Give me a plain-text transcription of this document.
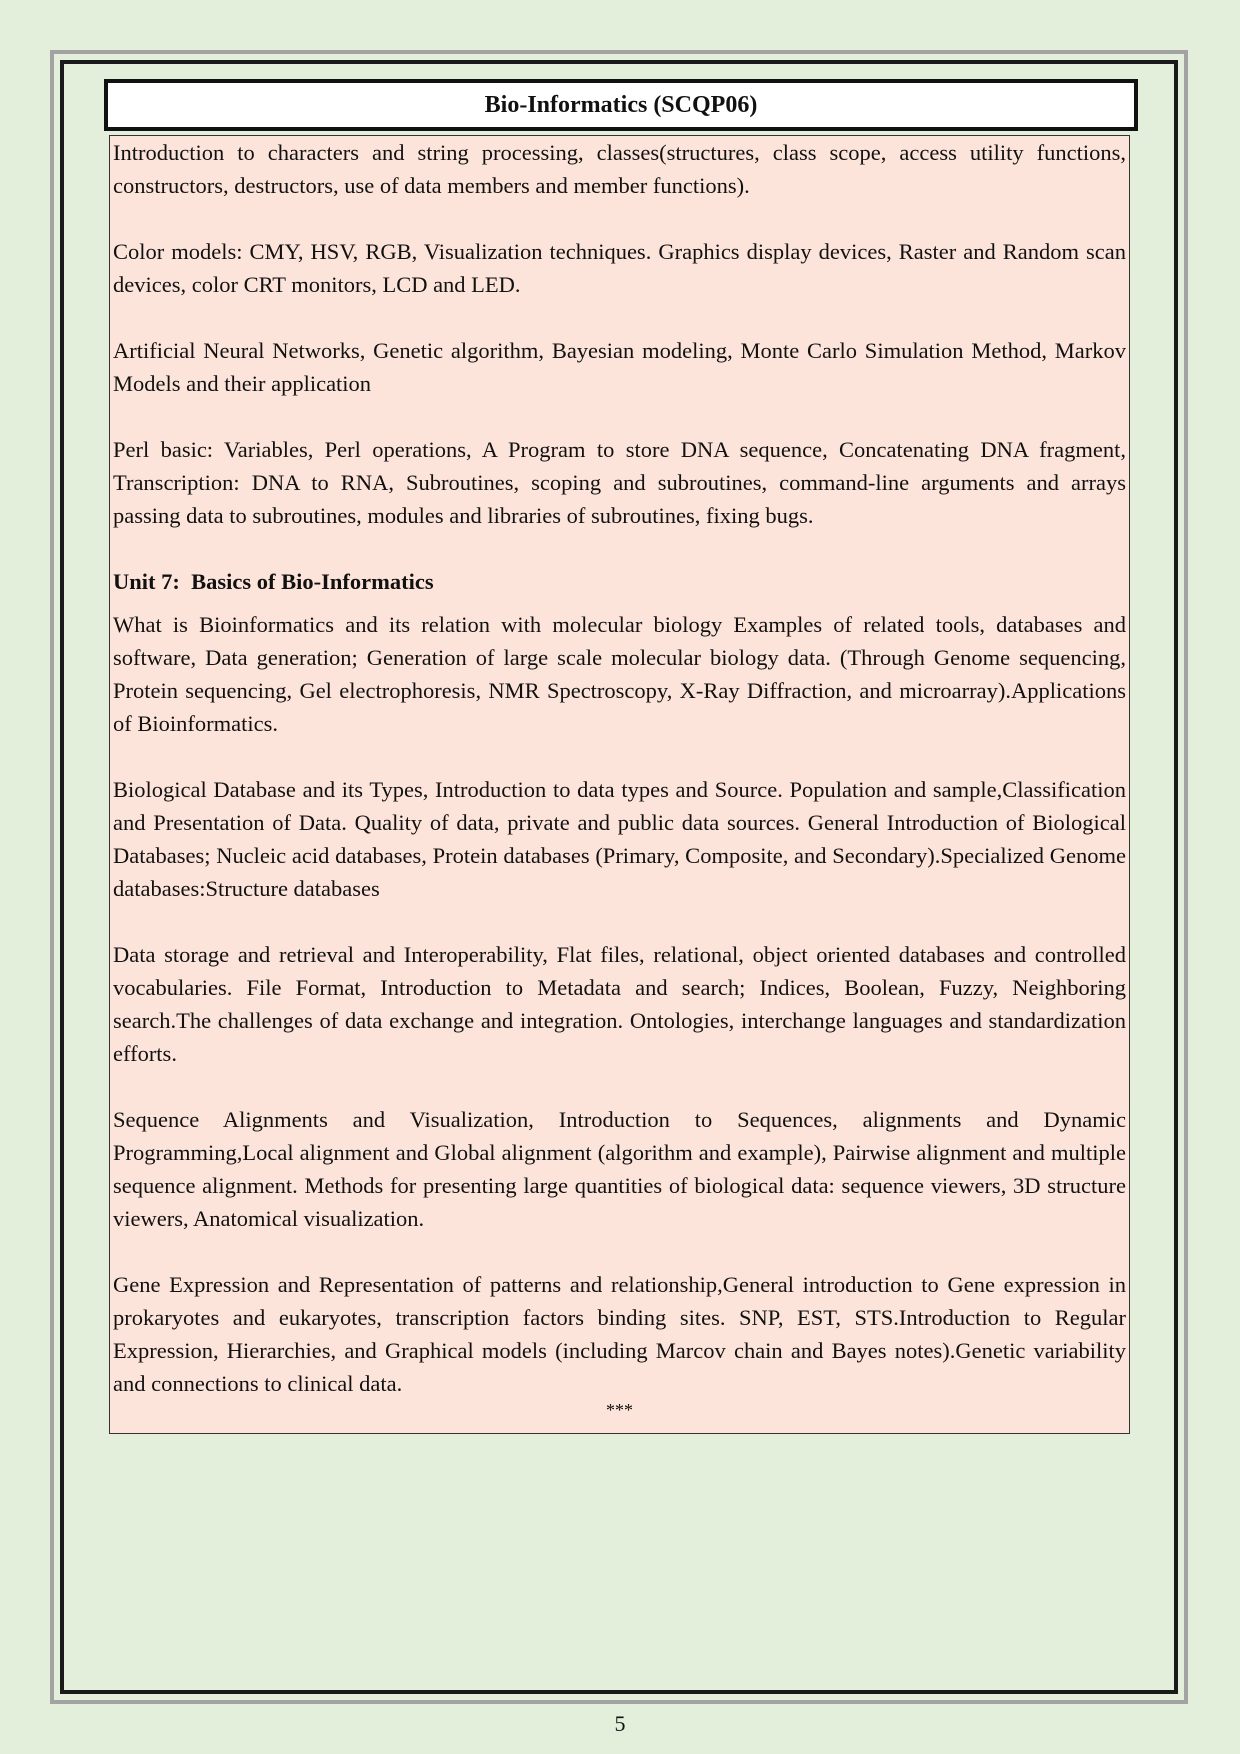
Bio-Informatics (SCQP06)

Introduction to characters and string processing, classes(structures, class scope, access utility functions, constructors, destructors, use of data members and member functions).

Color models: CMY, HSV, RGB, Visualization techniques. Graphics display devices, Raster and Random scan devices, color CRT monitors, LCD and LED.

Artificial Neural Networks, Genetic algorithm, Bayesian modeling, Monte Carlo Simulation Method, Markov Models and their application

Perl basic: Variables, Perl operations, A Program to store DNA sequence, Concatenating DNA fragment, Transcription: DNA to RNA, Subroutines, scoping and subroutines, command-line arguments and arrays passing data to subroutines, modules and libraries of subroutines, fixing bugs.

Unit 7: Basics of Bio-Informatics

What is Bioinformatics and its relation with molecular biology Examples of related tools, databases and software, Data generation; Generation of large scale molecular biology data. (Through Genome sequencing, Protein sequencing, Gel electrophoresis, NMR Spectroscopy, X-Ray Diffraction, and microarray).Applications of Bioinformatics.

Biological Database and its Types, Introduction to data types and Source. Population and sample,Classification and Presentation of Data. Quality of data, private and public data sources. General Introduction of Biological Databases; Nucleic acid databases, Protein databases (Primary, Composite, and Secondary).Specialized Genome databases:Structure databases

Data storage and retrieval and Interoperability, Flat files, relational, object oriented databases and controlled vocabularies. File Format, Introduction to Metadata and search; Indices, Boolean, Fuzzy, Neighboring search.The challenges of data exchange and integration. Ontologies, interchange languages and standardization efforts.

Sequence Alignments and Visualization, Introduction to Sequences, alignments and Dynamic Programming,Local alignment and Global alignment (algorithm and example), Pairwise alignment and multiple sequence alignment. Methods for presenting large quantities of biological data: sequence viewers, 3D structure viewers, Anatomical visualization.

Gene Expression and Representation of patterns and relationship,General introduction to Gene expression in prokaryotes and eukaryotes, transcription factors binding sites. SNP, EST, STS.Introduction to Regular Expression, Hierarchies, and Graphical models (including Marcov chain and Bayes notes).Genetic variability and connections to clinical data.

***
5
